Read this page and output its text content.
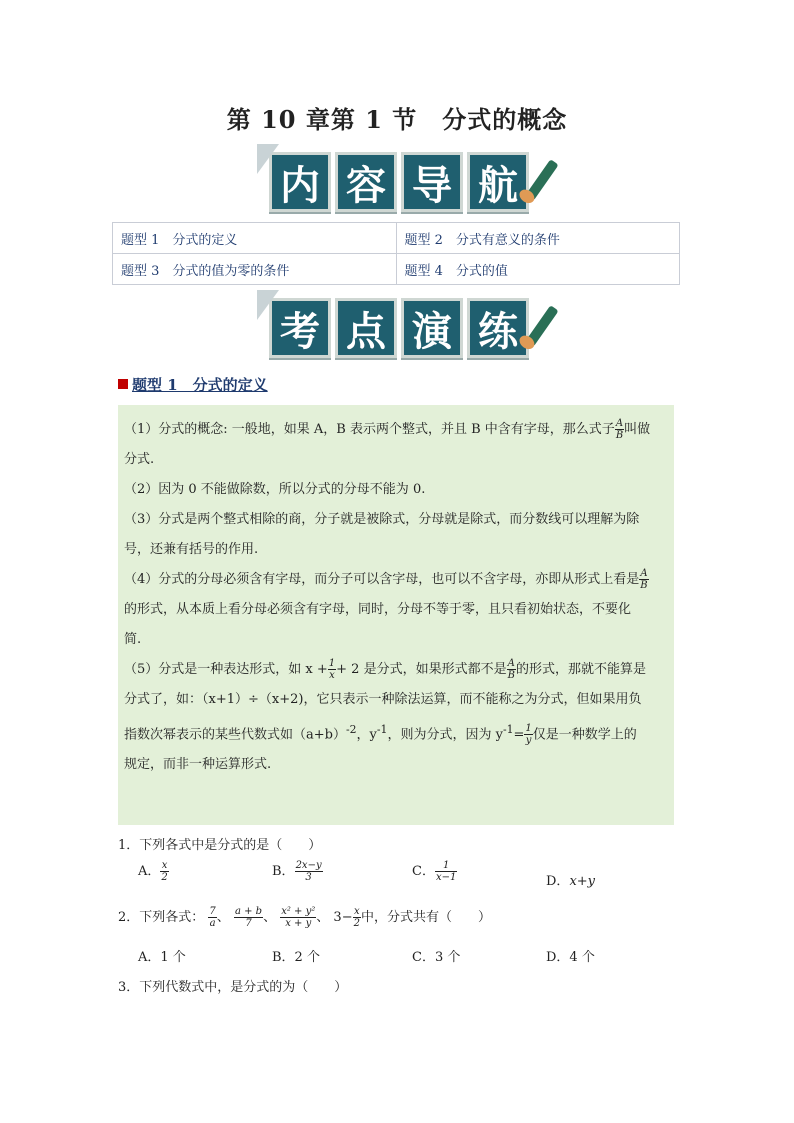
第 10 章第 1 节　分式的概念
内 容 导 航
题型 1　分式的定义	题型 2　分式有意义的条件
题型 3　分式的值为零的条件	题型 4　分式的值
考 点 演 练
题型 1　分式的定义

（1）分式的概念: 一般地，如果 A，B 表示两个整式，并且 B 中含有字母，那么式子 $\frac{A}{B}$ 叫做

分式.

（2）因为 0 不能做除数，所以分式的分母不能为 0.

（3）分式是两个整式相除的商，分子就是被除式，分母就是除式，而分数线可以理解为除

号，还兼有括号的作用.

（4）分式的分母必须含有字母，而分子可以含字母，也可以不含字母，亦即从形式上看是 $\frac{A}{B}$

的形式，从本质上看分母必须含有字母，同时，分母不等于零，且只看初始状态，不要化

简.

（5）分式是一种表达形式，如 $x + \frac{1}{x} + 2$ 是分式，如果形式都不是 $\frac{A}{B}$ 的形式，那就不能算是

分式了，如：（x+1）÷（x+2)，它只表示一种除法运算，而不能称之为分式，但如果用负

指数次幂表示的某些代数式如$(a+b)^{-2}$，$y^{-1}$，则为分式，因为 $y^{-1}= \frac{1}{y}$ 仅是一种数学上的

规定，而非一种运算形式.

1．下列各式中是分式的是（　　）
A． $\frac{x}{2}$	B． $\frac{2x-y}{3}$	C． $\frac{1}{x-1}$	D．x+y
2．下列各式： $\frac{7}{a}$ 、 $\frac{a + b}{7}$ 、 $\frac{\text{x² + y²}}{x + y}$ 、 $3- \frac{x}{2}$ 中，分式共有（　　）
A．1 个	B．2 个	C．3 个	D．4 个
3．下列代数式中，是分式的为（　　）
